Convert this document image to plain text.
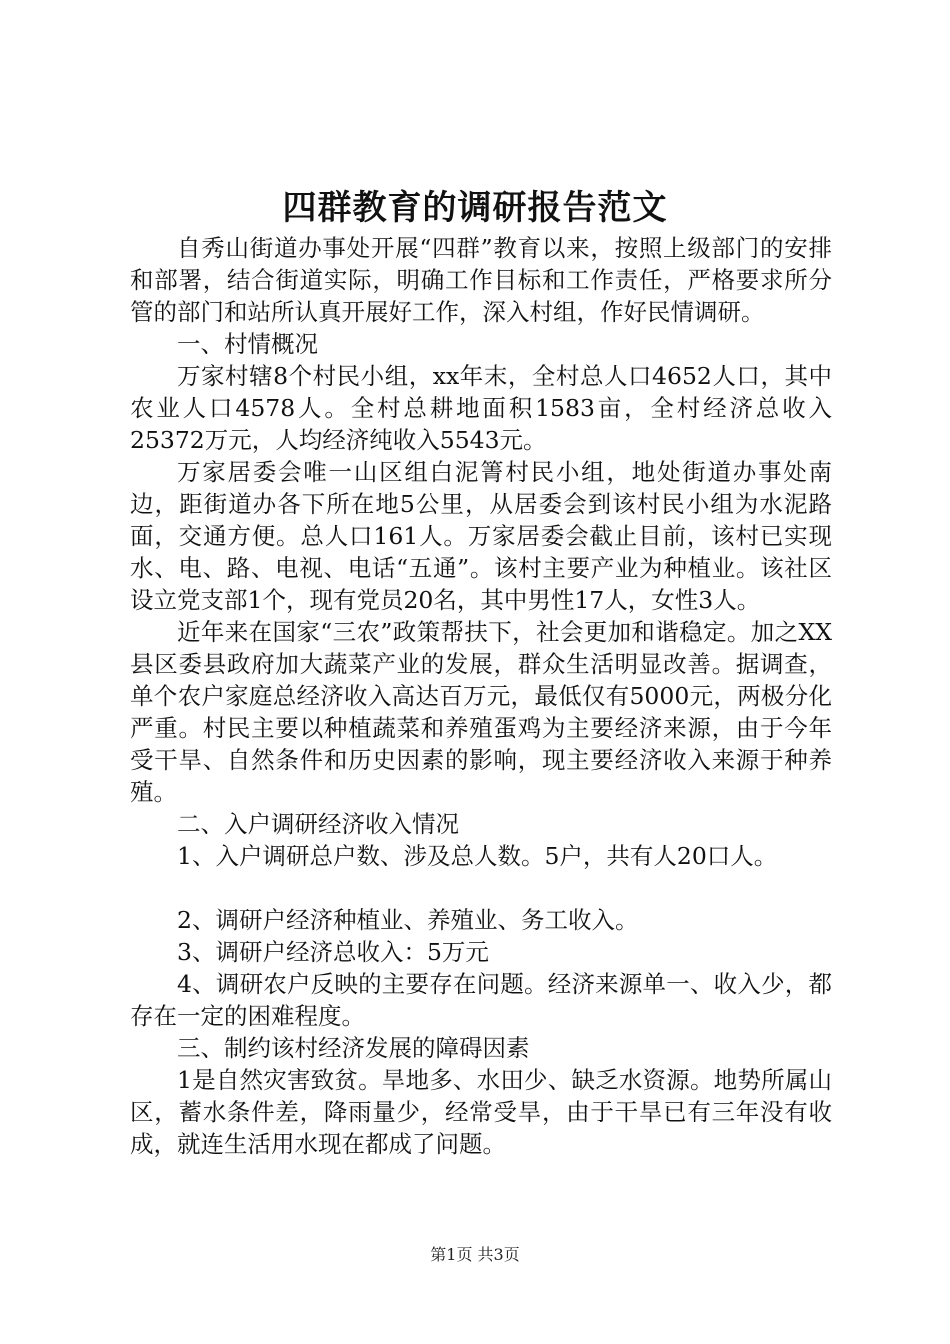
四群教育的调研报告范文

自秀山街道办事处开展“四群”教育以来，按照上级部门的安排和部署，结合街道实际，明确工作目标和工作责任，严格要求所分管的部门和站所认真开展好工作，深入村组，作好民情调研。

一、村情概况

万家村辖8个村民小组，xx年末，全村总人口4652人口，其中农业人口4578人。全村总耕地面积1583亩，全村经济总收入25372万元，人均经济纯收入5543元。

万家居委会唯一山区组白泥箐村民小组，地处街道办事处南边，距街道办各下所在地5公里，从居委会到该村民小组为水泥路面，交通方便。总人口161人。万家居委会截止目前，该村已实现水、电、路、电视、电话“五通”。该村主要产业为种植业。该社区设立党支部1个，现有党员20名，其中男性17人，女性3人。

近年来在国家“三农”政策帮扶下，社会更加和谐稳定。加之XX县区委县政府加大蔬菜产业的发展，群众生活明显改善。据调查，单个农户家庭总经济收入高达百万元，最低仅有5000元，两极分化严重。村民主要以种植蔬菜和养殖蛋鸡为主要经济来源，由于今年受干旱、自然条件和历史因素的影响，现主要经济收入来源于种养殖。

二、入户调研经济收入情况

1、入户调研总户数、涉及总人数。5户，共有人20口人。

2、调研户经济种植业、养殖业、务工收入。

3、调研户经济总收入：5万元

4、调研农户反映的主要存在问题。经济来源单一、收入少，都存在一定的困难程度。

三、制约该村经济发展的障碍因素

1是自然灾害致贫。旱地多、水田少、缺乏水资源。地势所属山区，蓄水条件差，降雨量少，经常受旱，由于干旱已有三年没有收成，就连生活用水现在都成了问题。

第1页 共3页
